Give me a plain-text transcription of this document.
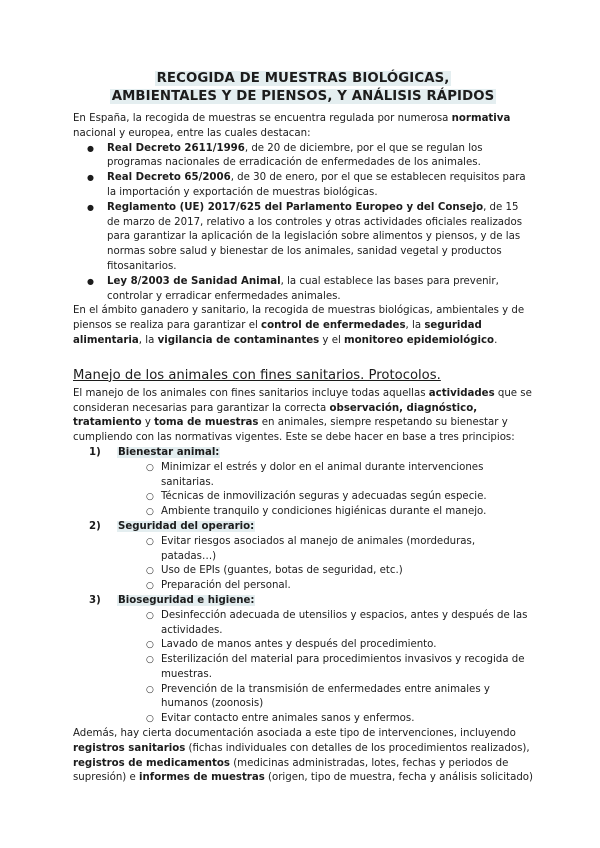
RECOGIDA DE MUESTRAS BIOLÓGICAS,
AMBIENTALES Y DE PIENSOS, Y ANÁLISIS RÁPIDOS

En España, la recogida de muestras se encuentra regulada por numerosa normativa nacional y europea, entre las cuales destacan:

● Real Decreto 2611/1996, de 20 de diciembre, por el que se regulan los programas nacionales de erradicación de enfermedades de los animales.
● Real Decreto 65/2006, de 30 de enero, por el que se establecen requisitos para la importación y exportación de muestras biológicas.
● Reglamento (UE) 2017/625 del Parlamento Europeo y del Consejo, de 15 de marzo de 2017, relativo a los controles y otras actividades oficiales realizados para garantizar la aplicación de la legislación sobre alimentos y piensos, y de las normas sobre salud y bienestar de los animales, sanidad vegetal y productos fitosanitarios.
● Ley 8/2003 de Sanidad Animal, la cual establece las bases para prevenir, controlar y erradicar enfermedades animales.

En el ámbito ganadero y sanitario, la recogida de muestras biológicas, ambientales y de piensos se realiza para garantizar el control de enfermedades, la seguridad alimentaria, la vigilancia de contaminantes y el monitoreo epidemiológico.

Manejo de los animales con fines sanitarios. Protocolos.

El manejo de los animales con fines sanitarios incluye todas aquellas actividades que se consideran necesarias para garantizar la correcta observación, diagnóstico, tratamiento y toma de muestras en animales, siempre respetando su bienestar y cumpliendo con las normativas vigentes. Este se debe hacer en base a tres principios:

1) Bienestar animal:
○ Minimizar el estrés y dolor en el animal durante intervenciones sanitarias.
○ Técnicas de inmovilización seguras y adecuadas según especie.
○ Ambiente tranquilo y condiciones higiénicas durante el manejo.
2) Seguridad del operario:
○ Evitar riesgos asociados al manejo de animales (mordeduras, patadas…)
○ Uso de EPIs (guantes, botas de seguridad, etc.)
○ Preparación del personal.
3) Bioseguridad e higiene:
○ Desinfección adecuada de utensilios y espacios, antes y después de las actividades.
○ Lavado de manos antes y después del procedimiento.
○ Esterilización del material para procedimientos invasivos y recogida de muestras.
○ Prevención de la transmisión de enfermedades entre animales y humanos (zoonosis)
○ Evitar contacto entre animales sanos y enfermos.

Además, hay cierta documentación asociada a este tipo de intervenciones, incluyendo registros sanitarios (fichas individuales con detalles de los procedimientos realizados), registros de medicamentos (medicinas administradas, lotes, fechas y periodos de supresión) e informes de muestras (origen, tipo de muestra, fecha y análisis solicitado)
